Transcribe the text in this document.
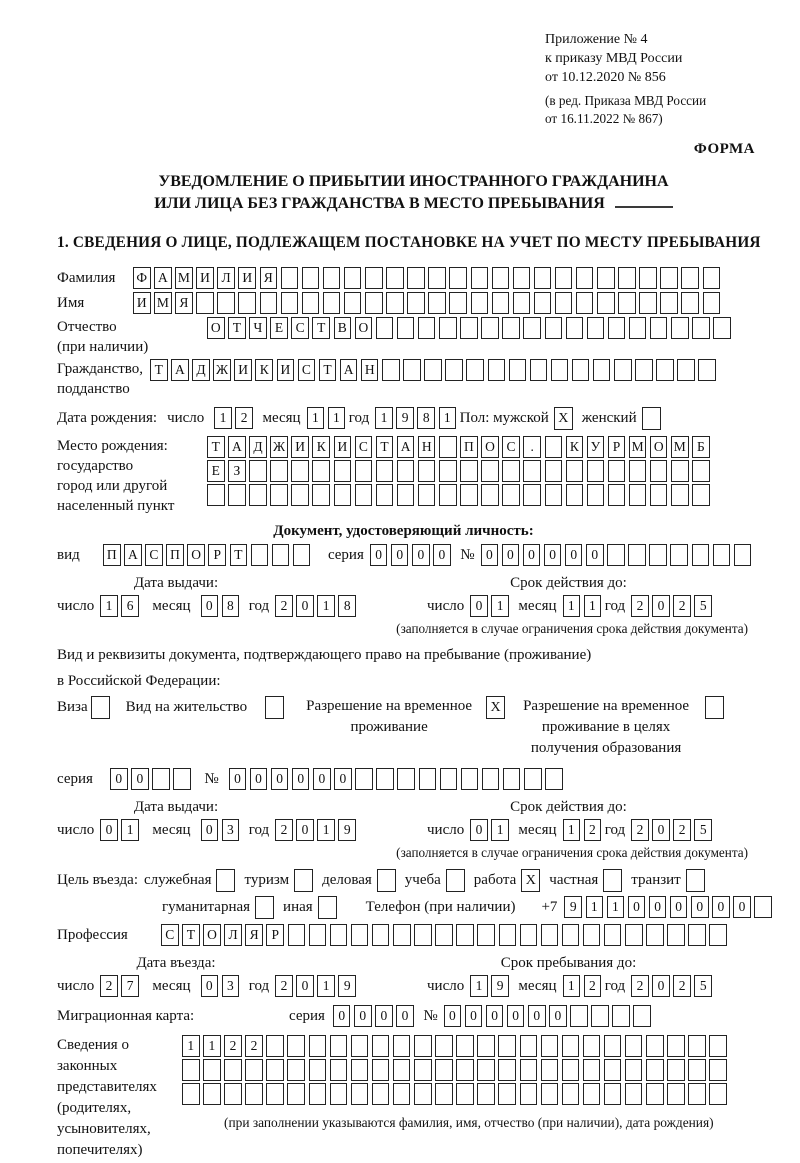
Приложение № 4
к приказу МВД России
от 10.12.2020 № 856
(в ред. Приказа МВД России
от 16.11.2022 № 867)
ФОРМА
УВЕДОМЛЕНИЕ О ПРИБЫТИИ ИНОСТРАННОГО ГРАЖДАНИНА
ИЛИ ЛИЦА БЕЗ ГРАЖДАНСТВА В МЕСТО ПРЕБЫВАНИЯ
1. СВЕДЕНИЯ О ЛИЦЕ, ПОДЛЕЖАЩЕМ ПОСТАНОВКЕ НА УЧЕТ ПО МЕСТУ ПРЕБЫВАНИЯ
Фамилия	Ф А М И Л И Я
Имя	И М Я
Отчество
(при наличии)
О Т Ч Е С Т В О
Гражданство,
подданство
Т А Д Ж И К И С Т А Н
Дата рождения: число	1	2 месяц 1	1 год 1	9	8	1 Пол: мужской X женский
Место рождения:
государство
город или другой
населенный пункт
Т А Д Ж И К И С Т А Н П О С	.	К У Р М О М Б
Е	З
Документ, удостоверяющий личность:
вид	П А С П О Р Т	серия 0	0	0	0 № 0	0	0	0	0	0
Дата выдачи:
число 1	6	месяц	0	8 год 2	0	1	8
Срок действия до:
число 0	1 месяц 1	1 год 2	0	2	5
(заполняется в случае ограничения срока действия документа)
Вид и реквизиты документа, подтверждающего право на пребывание (проживание)
в Российской Федерации:
Виза	Вид на жительство	Разрешение на временное
проживание
X Разрешение на временное
проживание в целях
получения образования
серия	0	0	№	0	0	0	0	0	0
Дата выдачи:
число 0	1	месяц	0	3 год 2	0	1	9
Срок действия до:
число 0	1 месяц 1	2 год 2	0	2	5
(заполняется в случае ограничения срока действия документа)
Цель въезда: служебная туризм деловая учеба работа X частная транзит
гуманитарная иная	Телефон (при наличии) +7 9	1	1	0	0	0	0	0	0
Профессия	С Т О Л Я Р
Дата въезда:
число 2	7	месяц	0	3 год 2	0	1	9
Срок пребывания до:
число 1	9 месяц 1	2 год 2	0	2	5
Миграционная карта:	серия 0	0	0	0 № 0	0	0	0	0	0
Сведения о
законных
представителях
(родителях,
усыновителях,
попечителях)
1	1	2	2
(при заполнении указываются фамилия, имя, отчество (при наличии), дата рождения)
